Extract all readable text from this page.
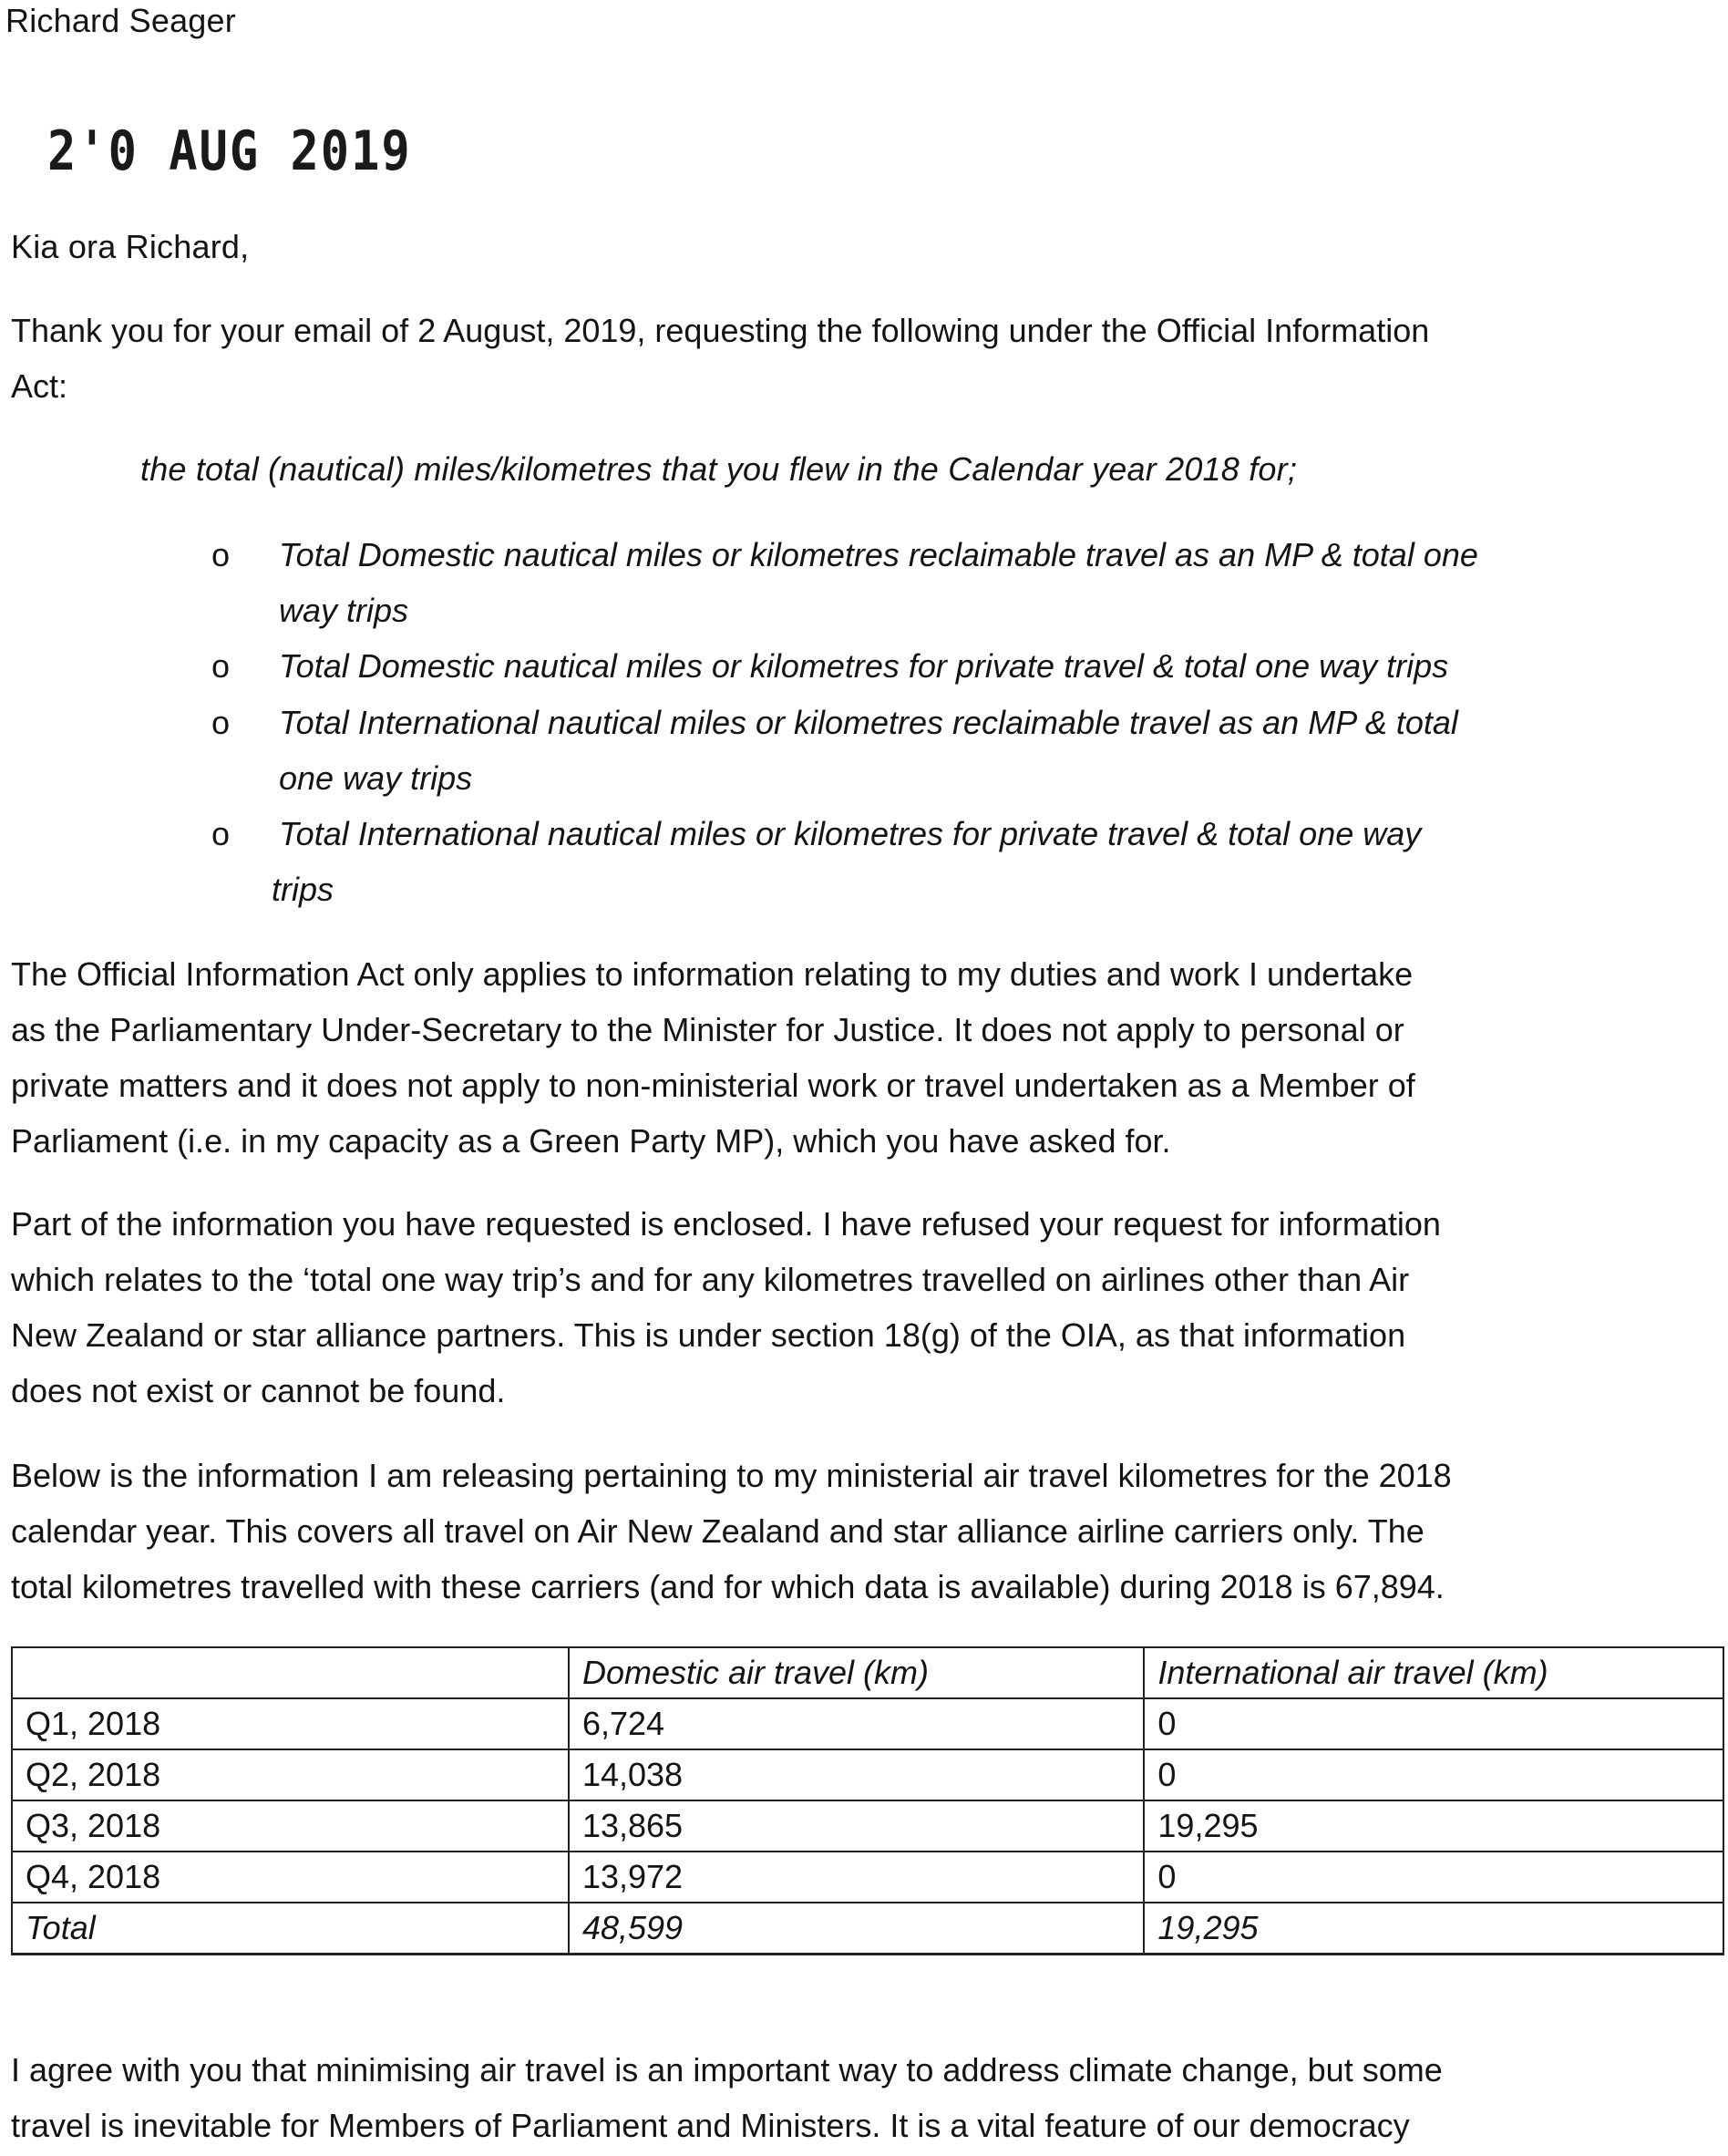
Richard Seager
2'0 AUG 2019
Kia ora Richard,
Thank you for your email of 2 August, 2019, requesting the following under the Official Information
Act:
the total (nautical) miles/kilometres that you flew in the Calendar year 2018 for;
o Total Domestic nautical miles or kilometres reclaimable travel as an MP & total one
way trips
o Total Domestic nautical miles or kilometres for private travel & total one way trips
o Total International nautical miles or kilometres reclaimable travel as an MP & total
one way trips
o Total International nautical miles or kilometres for private travel & total one way
trips
The Official Information Act only applies to information relating to my duties and work I undertake
as the Parliamentary Under-Secretary to the Minister for Justice. It does not apply to personal or
private matters and it does not apply to non-ministerial work or travel undertaken as a Member of
Parliament (i.e. in my capacity as a Green Party MP), which you have asked for.
Part of the information you have requested is enclosed. I have refused your request for information
which relates to the ‘total one way trip’s and for any kilometres travelled on airlines other than Air
New Zealand or star alliance partners. This is under section 18(g) of the OIA, as that information
does not exist or cannot be found.
Below is the information I am releasing pertaining to my ministerial air travel kilometres for the 2018
calendar year. This covers all travel on Air New Zealand and star alliance airline carriers only. The
total kilometres travelled with these carriers (and for which data is available) during 2018 is 67,894.
	Domestic air travel (km)	International air travel (km)
Q1, 2018	6,724	0
Q2, 2018	14,038	0
Q3, 2018	13,865	19,295
Q4, 2018	13,972	0
Total	48,599	19,295
I agree with you that minimising air travel is an important way to address climate change, but some
travel is inevitable for Members of Parliament and Ministers. It is a vital feature of our democracy
